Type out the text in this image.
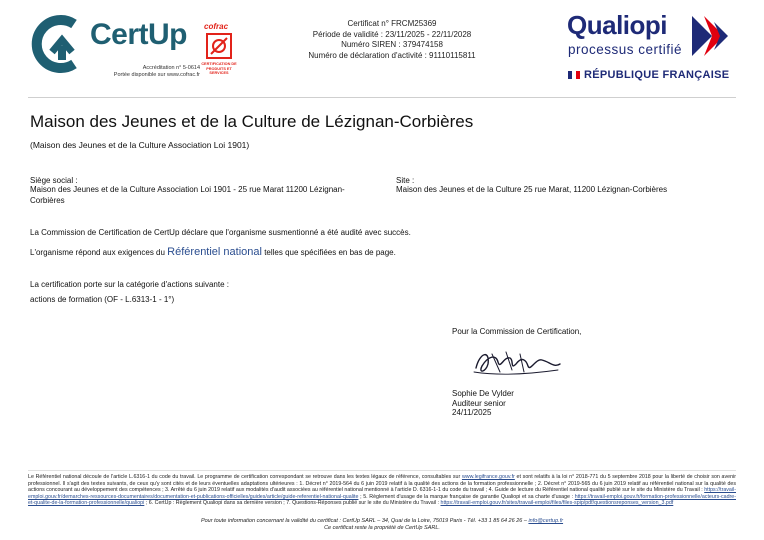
CertUp
Accréditation n° 5-0614
Portée disponible sur www.cofrac.fr
cofrac
CERTIFICATION DE PRODUITS ET SERVICES
Certificat n° FRCM25369
Période de validité : 23/11/2025 - 22/11/2028
Numéro SIREN : 379474158
Numéro de déclaration d'activité : 91110115811
Qualiopi
processus certifié
RÉPUBLIQUE FRANÇAISE
Maison des Jeunes et de la Culture de Lézignan-Corbières
(Maison des Jeunes et de la Culture Association Loi 1901)
Siège social :
Maison des Jeunes et de la Culture Association Loi 1901 - 25 rue Marat 11200 Lézignan-Corbières
Site :
Maison des Jeunes et de la Culture 25 rue Marat, 11200 Lézignan-Corbières
La Commission de Certification de CertUp déclare que l'organisme susmentionné a été audité avec succès.
L'organisme répond aux exigences du Référentiel national telles que spécifiées en bas de page.
La certification porte sur la catégorie d'actions suivante :
actions de formation (OF - L.6313-1 - 1°)
Pour la Commission de Certification,
Sophie De Vylder
Auditeur senior
24/11/2025
Le Référentiel national découle de l'article L.6316-1 du code du travail. Le programme de certification correspondant se retrouve dans les textes légaux de référence, consultables sur www.legifrance.gouv.fr et sont relatifs à la loi n° 2018-771 du 5 septembre 2018 pour la liberté de choisir son avenir professionnel. Il s'agit des textes suivants, de ceux qu'y sont cités et de leurs éventuelles adaptations ultérieures : 1. Décret n° 2019-564 du 6 juin 2019 relatif à la qualité des actions de la formation professionnelle ; 2. Décret n° 2019-565 du 6 juin 2019 relatif au référentiel national sur la qualité des actions concourant au développement des compétences ; 3. Arrêté du 6 juin 2019 relatif aux modalités d'audit associées au référentiel national mentionné à l'article D. 6316-1-1 du code du travail ; 4. Guide de lecture du Référentiel national qualité publié sur le site du Ministère du Travail : https://travail-emploi.gouv.fr/demarches-ressources-documentaires/documentation-et-publications-officielles/guides/article/guide-referentiel-national-qualite ; 5. Règlement d'usage de la marque française de garantie Qualiopi et sa charte d'usage : https://travail-emploi.gouv.fr/formation-professionnelle/acteurs-cadre-et-qualite-de-la-formation-professionnelle/qualiopi ; 6. CertUp : Règlement Qualiopi dans sa dernière version ; 7. Questions-Réponses publié sur le site du Ministère du Travail : https://travail-emploi.gouv.fr/sites/travail-emploi/files/files-spip/pdf/questionsreponses_version_3.pdf
Pour toute information concernant la validité du certificat : CertUp SARL – 34, Quai de la Loire, 75019 Paris - Tél. +33 1 85 64 26 26 – info@certup.fr
Ce certificat reste la propriété de CertUp SARL.
